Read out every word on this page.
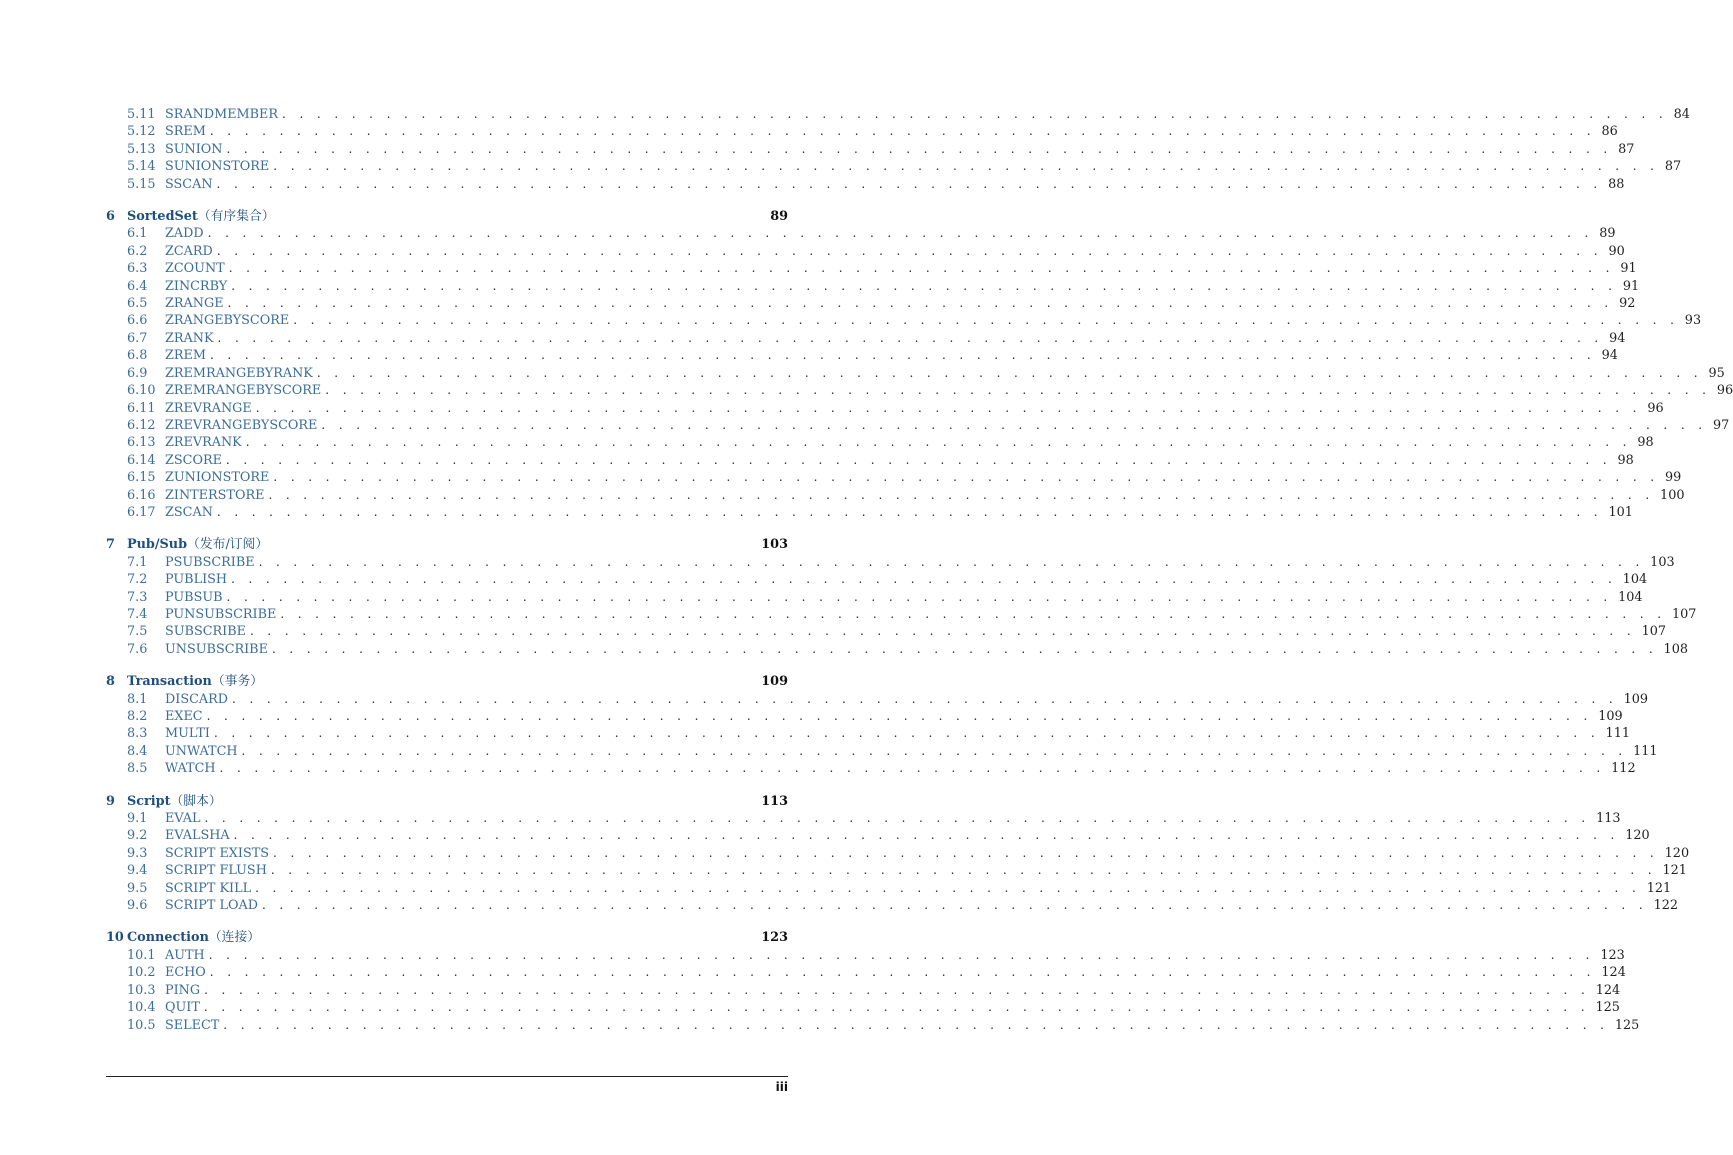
5.11 SRANDMEMBER . . . . . . . . . . . . . . . . . . . . . . . . . . . . . . . . . . . . . . . . . . . . . . . . . . . . . . . . . . . . . . . . . . . . . . . . . . . . . . . . 84
5.12 SREM . . . . . . . . . . . . . . . . . . . . . . . . . . . . . . . . . . . . . . . . . . . . . . . . . . . . . . . . . . . . . . . . . . . . . . . . . . . . . . . . 86
5.13 SUNION . . . . . . . . . . . . . . . . . . . . . . . . . . . . . . . . . . . . . . . . . . . . . . . . . . . . . . . . . . . . . . . . . . . . . . . . . . . . . . . . 87
5.14 SUNIONSTORE . . . . . . . . . . . . . . . . . . . . . . . . . . . . . . . . . . . . . . . . . . . . . . . . . . . . . . . . . . . . . . . . . . . . . . . . . . . . . . . . 87
5.15 SSCAN . . . . . . . . . . . . . . . . . . . . . . . . . . . . . . . . . . . . . . . . . . . . . . . . . . . . . . . . . . . . . . . . . . . . . . . . . . . . . . . . 88
6 SortedSet（有序集合）	89
6.1	ZADD . . . . . . . . . . . . . . . . . . . . . . . . . . . . . . . . . . . . . . . . . . . . . . . . . . . . . . . . . . . . . . . . . . . . . . . . . . . . . . . . 89
6.2	ZCARD . . . . . . . . . . . . . . . . . . . . . . . . . . . . . . . . . . . . . . . . . . . . . . . . . . . . . . . . . . . . . . . . . . . . . . . . . . . . . . . . 90
6.3	ZCOUNT . . . . . . . . . . . . . . . . . . . . . . . . . . . . . . . . . . . . . . . . . . . . . . . . . . . . . . . . . . . . . . . . . . . . . . . . . . . . . . . . 91
6.4	ZINCRBY . . . . . . . . . . . . . . . . . . . . . . . . . . . . . . . . . . . . . . . . . . . . . . . . . . . . . . . . . . . . . . . . . . . . . . . . . . . . . . . . 91
6.5	ZRANGE . . . . . . . . . . . . . . . . . . . . . . . . . . . . . . . . . . . . . . . . . . . . . . . . . . . . . . . . . . . . . . . . . . . . . . . . . . . . . . . . 92
6.6	ZRANGEBYSCORE . . . . . . . . . . . . . . . . . . . . . . . . . . . . . . . . . . . . . . . . . . . . . . . . . . . . . . . . . . . . . . . . . . . . . . . . . . . . . . . . 93
6.7	ZRANK . . . . . . . . . . . . . . . . . . . . . . . . . . . . . . . . . . . . . . . . . . . . . . . . . . . . . . . . . . . . . . . . . . . . . . . . . . . . . . . . 94
6.8	ZREM . . . . . . . . . . . . . . . . . . . . . . . . . . . . . . . . . . . . . . . . . . . . . . . . . . . . . . . . . . . . . . . . . . . . . . . . . . . . . . . . 94
6.9	ZREMRANGEBYRANK . . . . . . . . . . . . . . . . . . . . . . . . . . . . . . . . . . . . . . . . . . . . . . . . . . . . . . . . . . . . . . . . . . . . . . . . . . . . . . . . 95
6.10 ZREMRANGEBYSCORE . . . . . . . . . . . . . . . . . . . . . . . . . . . . . . . . . . . . . . . . . . . . . . . . . . . . . . . . . . . . . . . . . . . . . . . . . . . . . . . . 96
6.11 ZREVRANGE . . . . . . . . . . . . . . . . . . . . . . . . . . . . . . . . . . . . . . . . . . . . . . . . . . . . . . . . . . . . . . . . . . . . . . . . . . . . . . . . 96
6.12 ZREVRANGEBYSCORE . . . . . . . . . . . . . . . . . . . . . . . . . . . . . . . . . . . . . . . . . . . . . . . . . . . . . . . . . . . . . . . . . . . . . . . . . . . . . . . . 97
6.13 ZREVRANK . . . . . . . . . . . . . . . . . . . . . . . . . . . . . . . . . . . . . . . . . . . . . . . . . . . . . . . . . . . . . . . . . . . . . . . . . . . . . . . . 98
6.14 ZSCORE . . . . . . . . . . . . . . . . . . . . . . . . . . . . . . . . . . . . . . . . . . . . . . . . . . . . . . . . . . . . . . . . . . . . . . . . . . . . . . . . 98
6.15 ZUNIONSTORE . . . . . . . . . . . . . . . . . . . . . . . . . . . . . . . . . . . . . . . . . . . . . . . . . . . . . . . . . . . . . . . . . . . . . . . . . . . . . . . . 99
6.16 ZINTERSTORE . . . . . . . . . . . . . . . . . . . . . . . . . . . . . . . . . . . . . . . . . . . . . . . . . . . . . . . . . . . . . . . . . . . . . . . . . . . . . . . . 100
6.17 ZSCAN . . . . . . . . . . . . . . . . . . . . . . . . . . . . . . . . . . . . . . . . . . . . . . . . . . . . . . . . . . . . . . . . . . . . . . . . . . . . . . . . 101
7 Pub/Sub（发布/订阅）	103
7.1	PSUBSCRIBE . . . . . . . . . . . . . . . . . . . . . . . . . . . . . . . . . . . . . . . . . . . . . . . . . . . . . . . . . . . . . . . . . . . . . . . . . . . . . . . . 103
7.2	PUBLISH . . . . . . . . . . . . . . . . . . . . . . . . . . . . . . . . . . . . . . . . . . . . . . . . . . . . . . . . . . . . . . . . . . . . . . . . . . . . . . . . 104
7.3	PUBSUB . . . . . . . . . . . . . . . . . . . . . . . . . . . . . . . . . . . . . . . . . . . . . . . . . . . . . . . . . . . . . . . . . . . . . . . . . . . . . . . . 104
7.4	PUNSUBSCRIBE . . . . . . . . . . . . . . . . . . . . . . . . . . . . . . . . . . . . . . . . . . . . . . . . . . . . . . . . . . . . . . . . . . . . . . . . . . . . . . . . 107
7.5	SUBSCRIBE . . . . . . . . . . . . . . . . . . . . . . . . . . . . . . . . . . . . . . . . . . . . . . . . . . . . . . . . . . . . . . . . . . . . . . . . . . . . . . . . 107
7.6	UNSUBSCRIBE . . . . . . . . . . . . . . . . . . . . . . . . . . . . . . . . . . . . . . . . . . . . . . . . . . . . . . . . . . . . . . . . . . . . . . . . . . . . . . . . 108
8 Transaction（事务）	109
8.1	DISCARD . . . . . . . . . . . . . . . . . . . . . . . . . . . . . . . . . . . . . . . . . . . . . . . . . . . . . . . . . . . . . . . . . . . . . . . . . . . . . . . . 109
8.2	EXEC . . . . . . . . . . . . . . . . . . . . . . . . . . . . . . . . . . . . . . . . . . . . . . . . . . . . . . . . . . . . . . . . . . . . . . . . . . . . . . . . 109
8.3	MULTI . . . . . . . . . . . . . . . . . . . . . . . . . . . . . . . . . . . . . . . . . . . . . . . . . . . . . . . . . . . . . . . . . . . . . . . . . . . . . . . . 111
8.4	UNWATCH . . . . . . . . . . . . . . . . . . . . . . . . . . . . . . . . . . . . . . . . . . . . . . . . . . . . . . . . . . . . . . . . . . . . . . . . . . . . . . . . 111
8.5	WATCH . . . . . . . . . . . . . . . . . . . . . . . . . . . . . . . . . . . . . . . . . . . . . . . . . . . . . . . . . . . . . . . . . . . . . . . . . . . . . . . . 112
9 Script（脚本）	113
9.1	EVAL . . . . . . . . . . . . . . . . . . . . . . . . . . . . . . . . . . . . . . . . . . . . . . . . . . . . . . . . . . . . . . . . . . . . . . . . . . . . . . . . 113
9.2	EVALSHA . . . . . . . . . . . . . . . . . . . . . . . . . . . . . . . . . . . . . . . . . . . . . . . . . . . . . . . . . . . . . . . . . . . . . . . . . . . . . . . . 120
9.3	SCRIPT EXISTS . . . . . . . . . . . . . . . . . . . . . . . . . . . . . . . . . . . . . . . . . . . . . . . . . . . . . . . . . . . . . . . . . . . . . . . . . . . . . . . . 120
9.4	SCRIPT FLUSH . . . . . . . . . . . . . . . . . . . . . . . . . . . . . . . . . . . . . . . . . . . . . . . . . . . . . . . . . . . . . . . . . . . . . . . . . . . . . . . . 121
9.5	SCRIPT KILL . . . . . . . . . . . . . . . . . . . . . . . . . . . . . . . . . . . . . . . . . . . . . . . . . . . . . . . . . . . . . . . . . . . . . . . . . . . . . . . . 121
9.6	SCRIPT LOAD . . . . . . . . . . . . . . . . . . . . . . . . . . . . . . . . . . . . . . . . . . . . . . . . . . . . . . . . . . . . . . . . . . . . . . . . . . . . . . . . 122
10 Connection（连接）	123
10.1 AUTH . . . . . . . . . . . . . . . . . . . . . . . . . . . . . . . . . . . . . . . . . . . . . . . . . . . . . . . . . . . . . . . . . . . . . . . . . . . . . . . . 123
10.2 ECHO . . . . . . . . . . . . . . . . . . . . . . . . . . . . . . . . . . . . . . . . . . . . . . . . . . . . . . . . . . . . . . . . . . . . . . . . . . . . . . . . 124
10.3 PING . . . . . . . . . . . . . . . . . . . . . . . . . . . . . . . . . . . . . . . . . . . . . . . . . . . . . . . . . . . . . . . . . . . . . . . . . . . . . . . . 124
10.4 QUIT . . . . . . . . . . . . . . . . . . . . . . . . . . . . . . . . . . . . . . . . . . . . . . . . . . . . . . . . . . . . . . . . . . . . . . . . . . . . . . . . 125
10.5 SELECT . . . . . . . . . . . . . . . . . . . . . . . . . . . . . . . . . . . . . . . . . . . . . . . . . . . . . . . . . . . . . . . . . . . . . . . . . . . . . . . . 125
iii
